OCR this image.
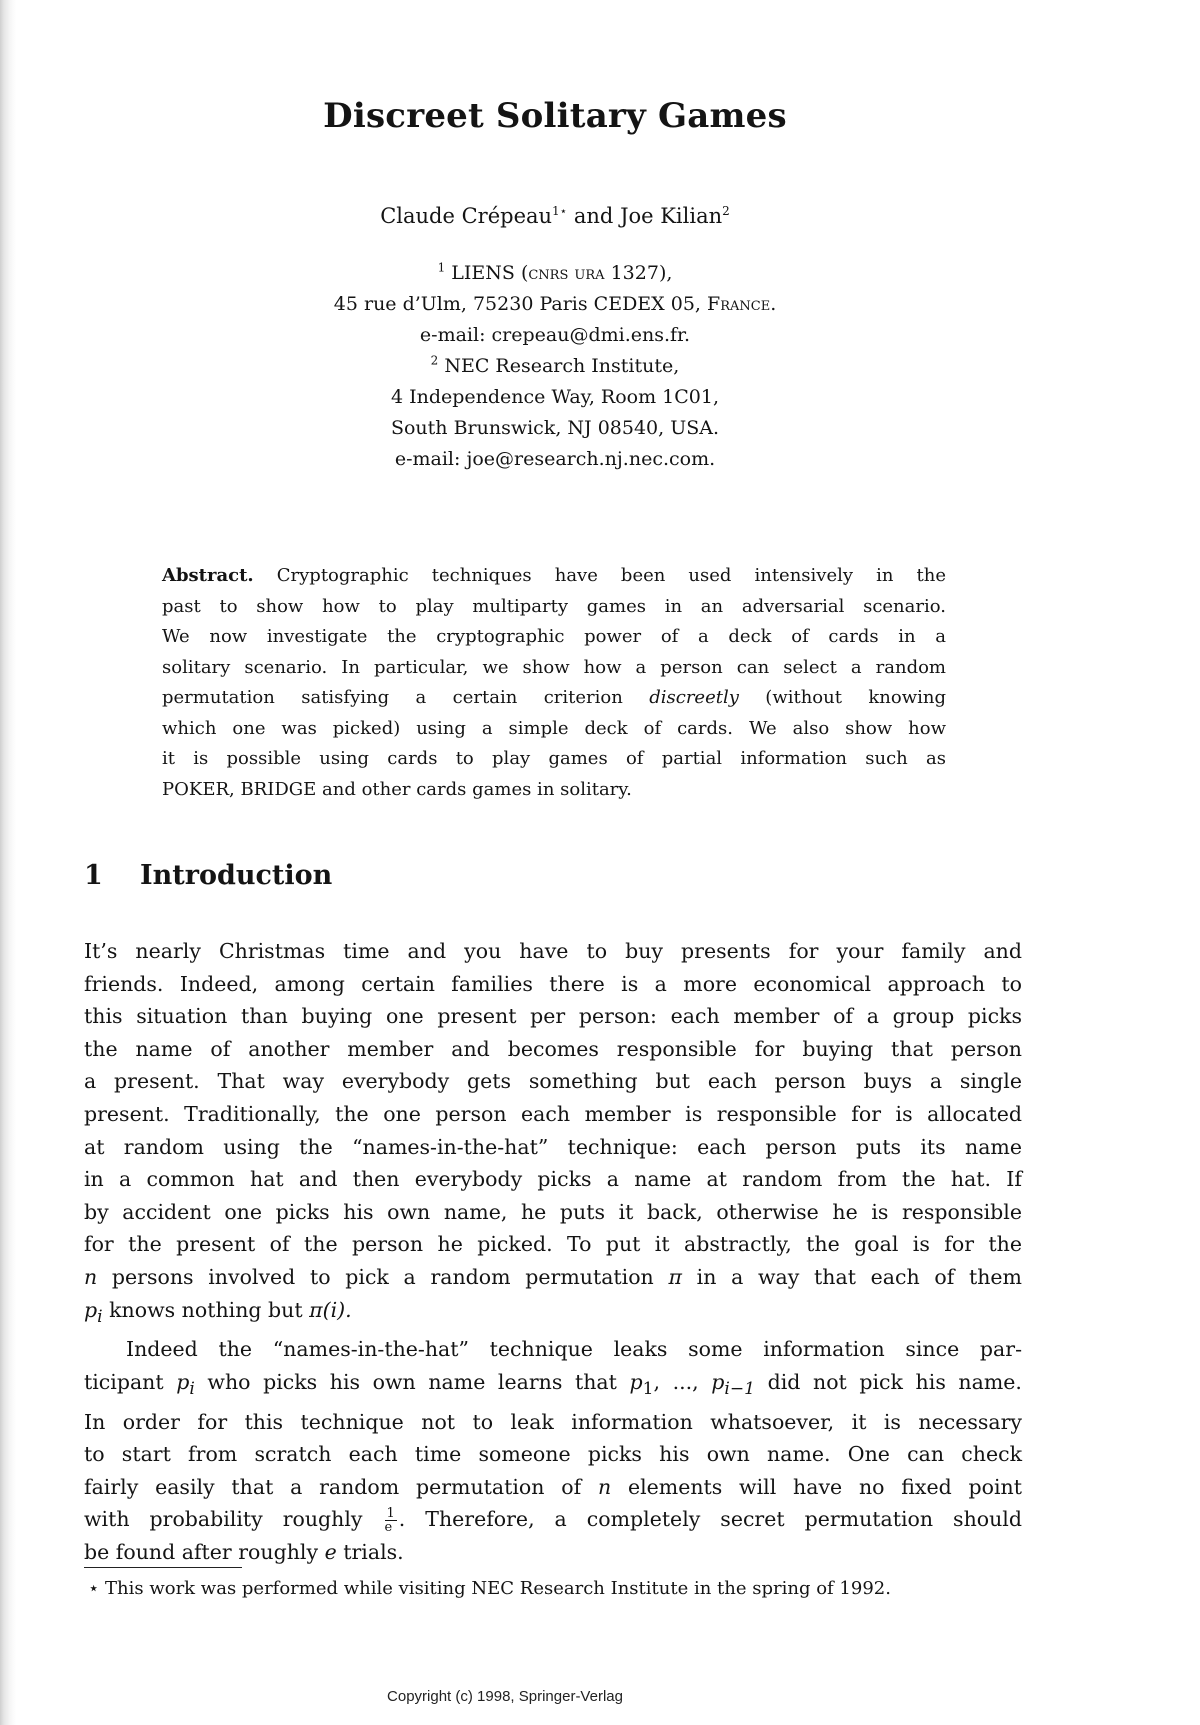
Discreet Solitary Games
Claude Crépeau$^{1⋆}$ and Joe Kilian$^2$
$^1$ LIENS (cnrs ura 1327),
45 rue d’Ulm, 75230 Paris CEDEX 05, France.
e-mail: crepeau@dmi.ens.fr.
$^2$ NEC Research Institute,
4 Independence Way, Room 1C01,
South Brunswick, NJ 08540, USA.
e-mail: joe@research.nj.nec.com.
Abstract. Cryptographic techniques have been used intensively in the
past to show how to play multiparty games in an adversarial scenario.
We now investigate the cryptographic power of a deck of cards in a
solitary scenario. In particular, we show how a person can select a random
permutation satisfying a certain criterion discreetly (without knowing
which one was picked) using a simple deck of cards. We also show how
it is possible using cards to play games of partial information such as
POKER, BRIDGE and other cards games in solitary.
1 Introduction
It’s nearly Christmas time and you have to buy presents for your family and
friends. Indeed, among certain families there is a more economical approach to
this situation than buying one present per person: each member of a group picks
the name of another member and becomes responsible for buying that person
a present. That way everybody gets something but each person buys a single
present. Traditionally, the one person each member is responsible for is allocated
at random using the “names-in-the-hat” technique: each person puts its name
in a common hat and then everybody picks a name at random from the hat. If
by accident one picks his own name, he puts it back, otherwise he is responsible
for the present of the person he picked. To put it abstractly, the goal is for the
n persons involved to pick a random permutation π in a way that each of them
$p_i$ knows nothing but π(i).
Indeed the “names-in-the-hat” technique leaks some information since par-
ticipant $p_i$ who picks his own name learns that $p_1$, ..., $p_{i-1}$ did not pick his name.
In order for this technique not to leak information whatsoever, it is necessary
to start from scratch each time someone picks his own name. One can check
fairly easily that a random permutation of n elements will have no fixed point
with probability roughly $\frac{1}{e}$ . Therefore, a completely secret permutation should
be found after roughly e trials.
⋆ This work was performed while visiting NEC Research Institute in the spring of 1992.
Copyright (c) 1998, Springer-Verlag
